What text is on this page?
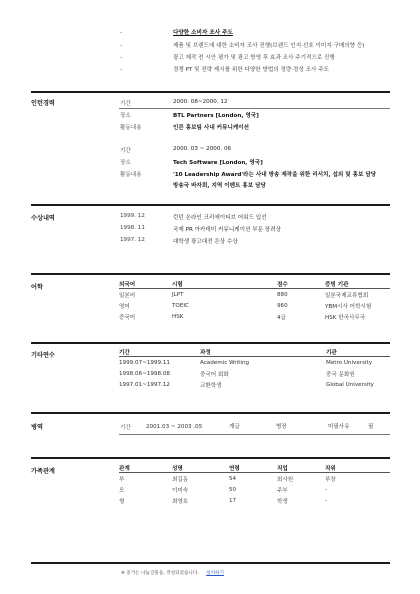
-	다양한 소비자 조사 주도
-	제품 및 브랜드에 대한 소비자 조사 진행(브랜드 인지·선호 이미지·구매의향 등)
-	광고 제작 전 시안 평가 및 광고 방영 후 효과 조사 주기적으로 진행
-	경쟁 PT 및 전략 제시를 위한 다양한 방법의 정량·정성 조사 주도
인턴경력	기간	2000. 08~2000. 12
장소	BTL Partners [London, 영국]
활동내용	인콘 홍보팀 사내 커뮤니케이션
기간	2000. 03 ~ 2000. 06
장소	Tech Software [London, 영국]
활동내용	'10 Leadership Award'라는 사내 방송 제작을 위한 리서치, 섭외 및 홍보 담당
방송국 바자회, 지역 이벤트 홍보 담당
수상내역	1999. 12	런던 온라인 크리에이티브 어워드 입선
1998. 11	국제 PR 아카데미 커뮤니케이션 부문 장려상
1997. 12	대학생 광고대전 은상 수상
어학	외국어	시험	점수	증빙 기관
일본어	JLPT	880	일본국제교류협회
영어	TOEIC	960	YBM시사 어학시험
중국어	HSK	4급	HSK 한국사무국
기타연수	기간	과정	기관
1999.07~1999.11	Academic Writing	Metro University
1998.06~1998.08	중국어 회화	중국 문화원
1997.01~1997.12	교환학생	Global University
병역	기간	2001.03 ~ 2003 .05	계급	병장	미필사유	필
가족관계	관계	성명	연령	직업	직위
부	최길동	54	회사원	부장
모	이미숙	50	주부	-
형	최영호	17	학생	-
※ 증거는 나눔글꼴을, 작성되었습니다. 설치하기
